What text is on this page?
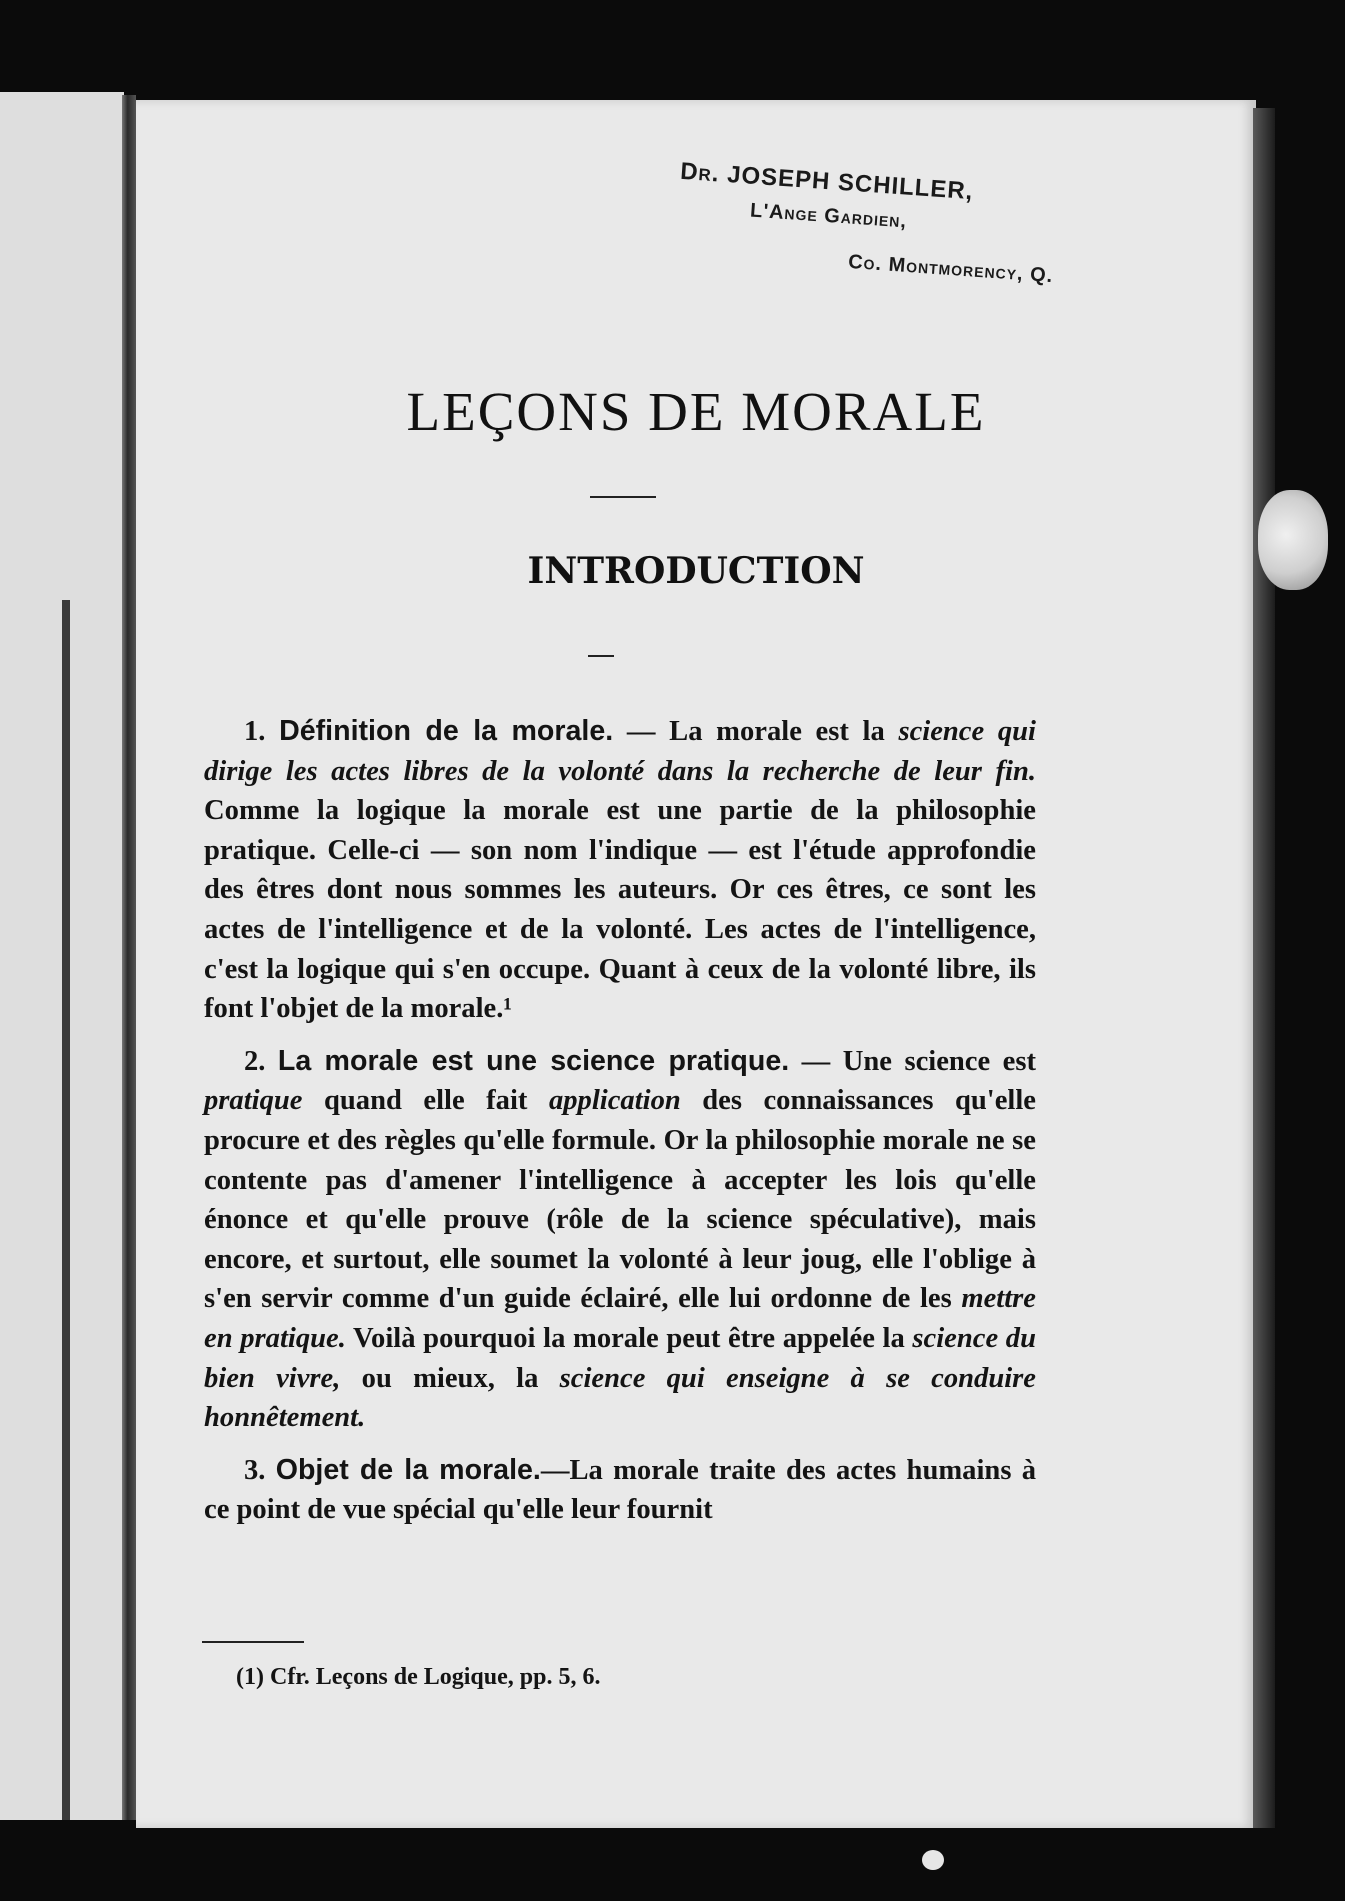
Dr. JOSEPH SCHILLER,
L'Ange Gardien,
Co. Montmorency, Q.
LEÇONS DE MORALE
INTRODUCTION

1. Définition de la morale. — La morale est la science qui dirige les actes libres de la volonté dans la recherche de leur fin. Comme la logique la morale est une partie de la philosophie pratique. Celle-ci — son nom l'indique — est l'étude approfondie des êtres dont nous sommes les auteurs. Or ces êtres, ce sont les actes de l'intelligence et de la volonté. Les actes de l'intelligence, c'est la logique qui s'en occupe. Quant à ceux de la volonté libre, ils font l'objet de la morale.¹

2. La morale est une science pratique. — Une science est pratique quand elle fait application des connaissances qu'elle procure et des règles qu'elle formule. Or la philosophie morale ne se contente pas d'amener l'intelligence à accepter les lois qu'elle énonce et qu'elle prouve (rôle de la science spéculative), mais encore, et surtout, elle soumet la volonté à leur joug, elle l'oblige à s'en servir comme d'un guide éclairé, elle lui ordonne de les mettre en pratique. Voilà pourquoi la morale peut être appelée la science du bien vivre, ou mieux, la science qui enseigne à se conduire honnêtement.

3. Objet de la morale.—La morale traite des actes humains à ce point de vue spécial qu'elle leur fournit

(1) Cfr. Leçons de Logique, pp. 5, 6.
